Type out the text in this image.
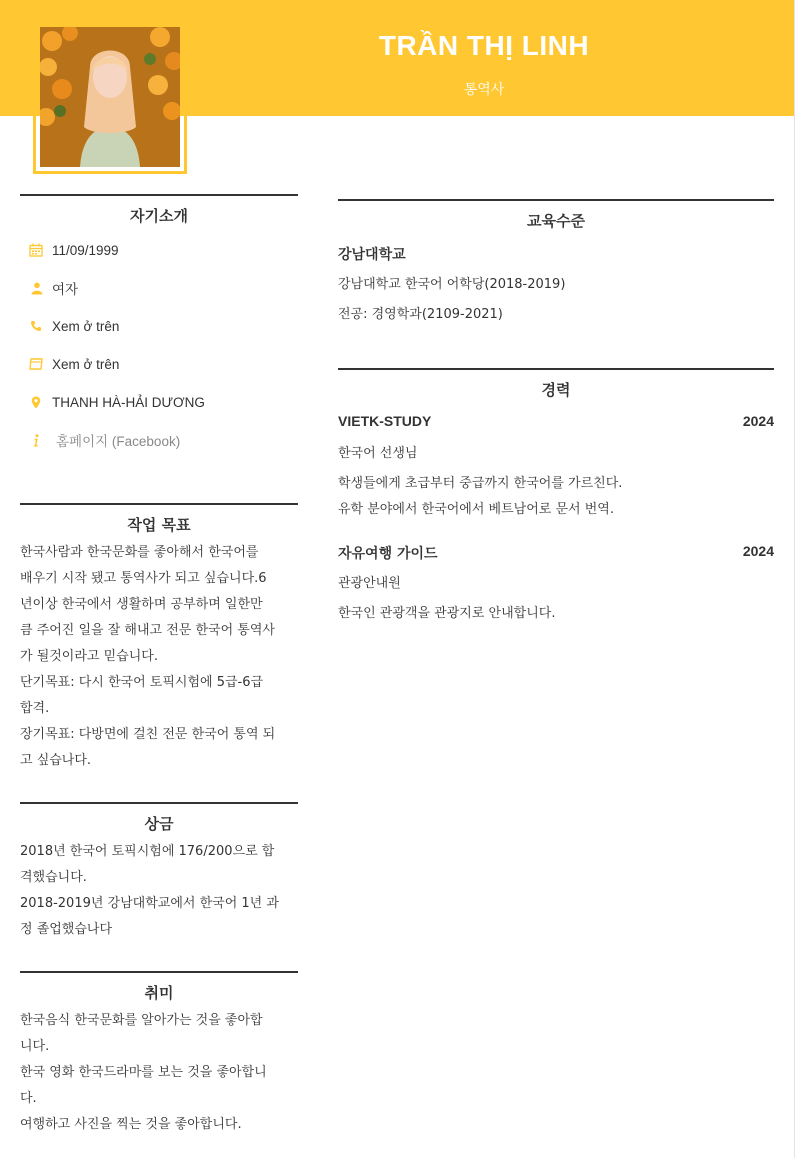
TRẦN THỊ LINH
통역사
자기소개
11/09/1999
여자
Xem ở trên
Xem ở trên
THANH HÀ-HẢI DƯƠNG
홈페이지 (Facebook)
작업 목표

한국사람과 한국문화를 좋아해서 한국어를

배우기 시작 됐고 통역사가 되고 싶습니다.6

년이상 한국에서 생활하며 공부하며 일한만

큼 주어진 일을 잘 해내고 전문 한국어 통역사

가 될것이라고 믿습니다.

단기목표: 다시 한국어 토픽시험에 5급-6급

합격.

장기목표: 다방면에 걸친 전문 한국어 통역 되

고 싶습나다.

상금

2018년 한국어 토픽시험에 176/200으로 합

격했습니다.

2018-2019년 강남대학교에서 한국어 1년 과

정 졸업했습나다

취미

한국음식 한국문화를 알아가는 것을 좋아합

니다.

한국 영화 한국드라마를 보는 것을 좋아합니

다.

여행하고 사진을 찍는 것을 좋아합니다.

교육수준
강남대학교
강남대학교 한국어 어학당(2018-2019)
전공: 경영학과(2109-2021)
경력
VIETK-STUDY	2024
한국어 선생님

학생들에게 초급부터 중급까지 한국어를 가르친다.

유학 분야에서 한국어에서 베트남어로 문서 번역.

자유여행 가이드	2024
관광안내원

한국인 관광객을 관광지로 안내합니다.
